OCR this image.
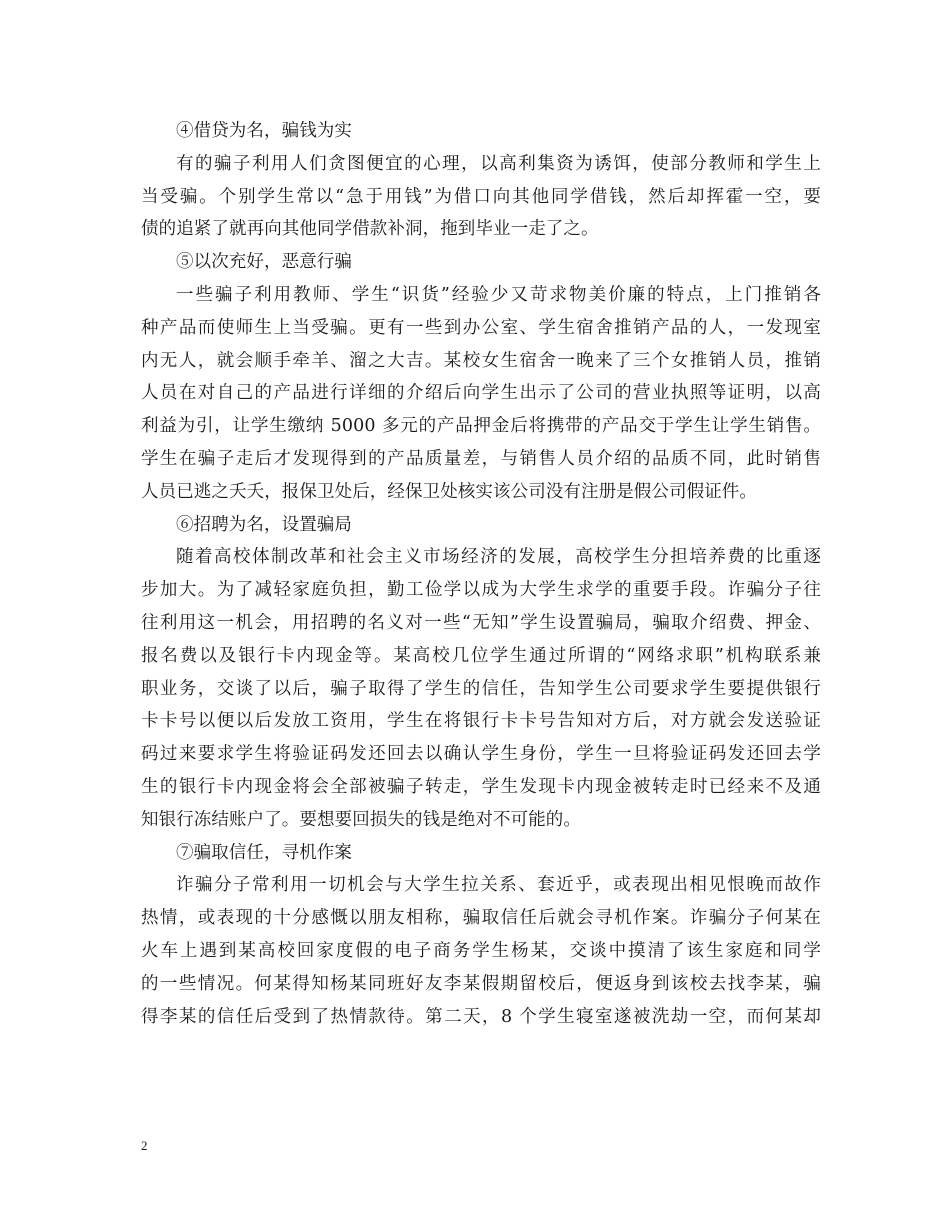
④借贷为名，骗钱为实
有的骗子利用人们贪图便宜的心理，以高利集资为诱饵，使部分教师和学生上
当受骗。个别学生常以“急于用钱”为借口向其他同学借钱，然后却挥霍一空，要
债的追紧了就再向其他同学借款补洞，拖到毕业一走了之。
⑤以次充好，恶意行骗
一些骗子利用教师、学生“识货”经验少又苛求物美价廉的特点，上门推销各
种产品而使师生上当受骗。更有一些到办公室、学生宿舍推销产品的人，一发现室
内无人，就会顺手牵羊、溜之大吉。某校女生宿舍一晚来了三个女推销人员，推销
人员在对自己的产品进行详细的介绍后向学生出示了公司的营业执照等证明，以高
利益为引，让学生缴纳 5000 多元的产品押金后将携带的产品交于学生让学生销售。
学生在骗子走后才发现得到的产品质量差，与销售人员介绍的品质不同，此时销售
人员已逃之夭夭，报保卫处后，经保卫处核实该公司没有注册是假公司假证件。
⑥招聘为名，设置骗局
随着高校体制改革和社会主义市场经济的发展，高校学生分担培养费的比重逐
步加大。为了减轻家庭负担，勤工俭学以成为大学生求学的重要手段。诈骗分子往
往利用这一机会，用招聘的名义对一些“无知”学生设置骗局，骗取介绍费、押金、
报名费以及银行卡内现金等。某高校几位学生通过所谓的“网络求职”机构联系兼
职业务，交谈了以后，骗子取得了学生的信任，告知学生公司要求学生要提供银行
卡卡号以便以后发放工资用，学生在将银行卡卡号告知对方后，对方就会发送验证
码过来要求学生将验证码发还回去以确认学生身份，学生一旦将验证码发还回去学
生的银行卡内现金将会全部被骗子转走，学生发现卡内现金被转走时已经来不及通
知银行冻结账户了。要想要回损失的钱是绝对不可能的。
⑦骗取信任，寻机作案
诈骗分子常利用一切机会与大学生拉关系、套近乎，或表现出相见恨晚而故作
热情，或表现的十分感慨以朋友相称，骗取信任后就会寻机作案。诈骗分子何某在
火车上遇到某高校回家度假的电子商务学生杨某，交谈中摸清了该生家庭和同学
的一些情况。何某得知杨某同班好友李某假期留校后，便返身到该校去找李某，骗
得李某的信任后受到了热情款待。第二天，8 个学生寝室遂被洗劫一空，而何某却
2
